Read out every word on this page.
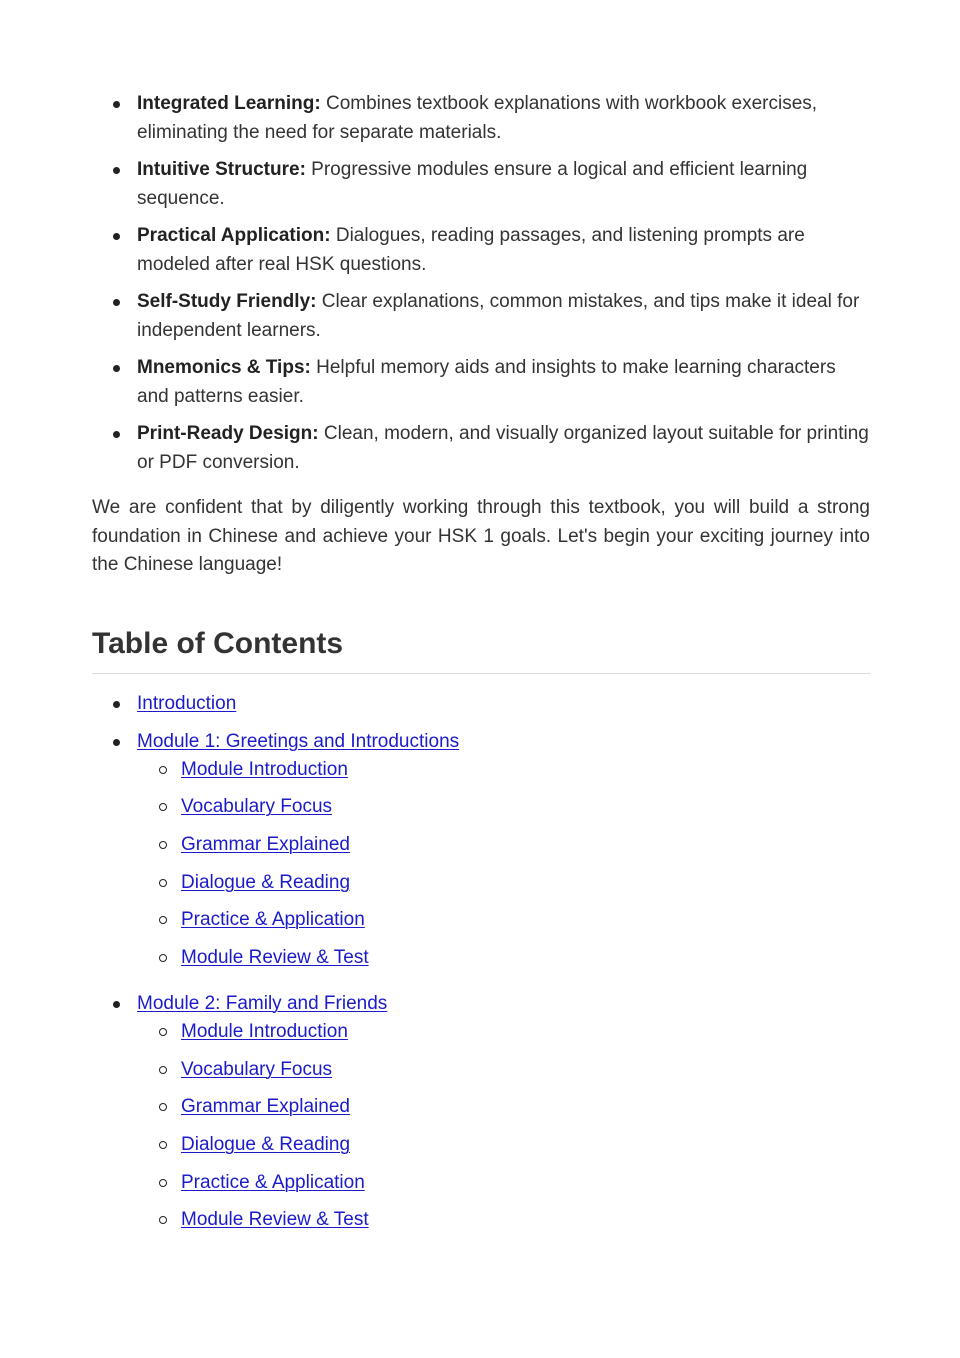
Integrated Learning: Combines textbook explanations with workbook exercises, eliminating the need for separate materials.
Intuitive Structure: Progressive modules ensure a logical and efficient learning sequence.
Practical Application: Dialogues, reading passages, and listening prompts are modeled after real HSK questions.
Self-Study Friendly: Clear explanations, common mistakes, and tips make it ideal for independent learners.
Mnemonics & Tips: Helpful memory aids and insights to make learning characters and patterns easier.
Print-Ready Design: Clean, modern, and visually organized layout suitable for printing or PDF conversion.

We are confident that by diligently working through this textbook, you will build a strong foundation in Chinese and achieve your HSK 1 goals. Let's begin your exciting journey into the Chinese language!

Table of Contents
Introduction
Module 1: Greetings and Introductions
Module Introduction
Vocabulary Focus
Grammar Explained
Dialogue & Reading
Practice & Application
Module Review & Test
Module 2: Family and Friends
Module Introduction
Vocabulary Focus
Grammar Explained
Dialogue & Reading
Practice & Application
Module Review & Test
